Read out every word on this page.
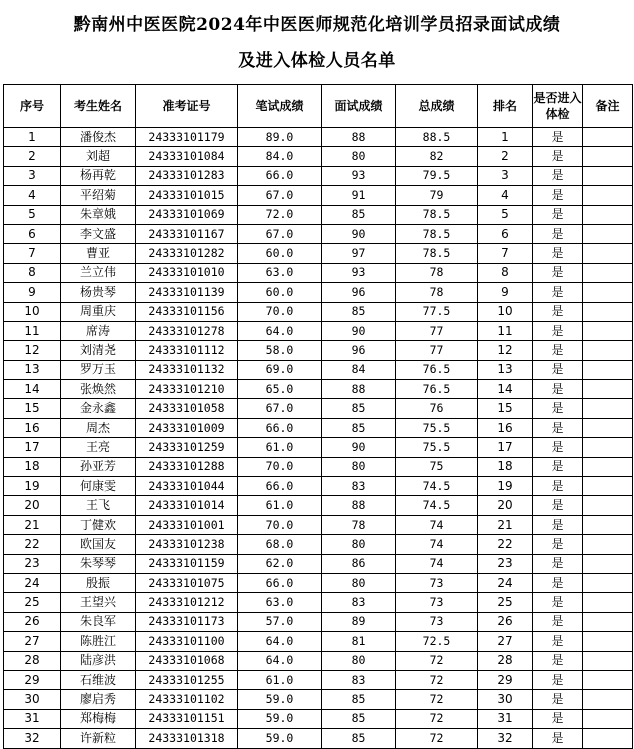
黔南州中医医院2024年中医医师规范化培训学员招录面试成绩
及进入体检人员名单
序号	考生姓名	准考证号	笔试成绩	面试成绩	总成绩	排名	是否进入体检	备注
1	潘俊杰	24333101179	89.0	88	88.5	1	是	
2	刘超	24333101084	84.0	80	82	2	是	
3	杨再乾	24333101283	66.0	93	79.5	3	是	
4	平绍菊	24333101015	67.0	91	79	4	是	
5	朱章娥	24333101069	72.0	85	78.5	5	是	
6	李文盛	24333101167	67.0	90	78.5	6	是	
7	曹亚	24333101282	60.0	97	78.5	7	是	
8	兰立伟	24333101010	63.0	93	78	8	是	
9	杨贵琴	24333101139	60.0	96	78	9	是	
10	周重庆	24333101156	70.0	85	77.5	10	是	
11	席涛	24333101278	64.0	90	77	11	是	
12	刘清尧	24333101112	58.0	96	77	12	是	
13	罗万玉	24333101132	69.0	84	76.5	13	是	
14	张焕然	24333101210	65.0	88	76.5	14	是	
15	金永鑫	24333101058	67.0	85	76	15	是	
16	周杰	24333101009	66.0	85	75.5	16	是	
17	王亮	24333101259	61.0	90	75.5	17	是	
18	孙亚芳	24333101288	70.0	80	75	18	是	
19	何康雯	24333101044	66.0	83	74.5	19	是	
20	王飞	24333101014	61.0	88	74.5	20	是	
21	丁健欢	24333101001	70.0	78	74	21	是	
22	欧国友	24333101238	68.0	80	74	22	是	
23	朱琴琴	24333101159	62.0	86	74	23	是	
24	殷振	24333101075	66.0	80	73	24	是	
25	王望兴	24333101212	63.0	83	73	25	是	
26	朱良军	24333101173	57.0	89	73	26	是	
27	陈胜江	24333101100	64.0	81	72.5	27	是	
28	陆彦洪	24333101068	64.0	80	72	28	是	
29	石维波	24333101255	61.0	83	72	29	是	
30	廖启秀	24333101102	59.0	85	72	30	是	
31	郑梅梅	24333101151	59.0	85	72	31	是	
32	许新粒	24333101318	59.0	85	72	32	是	
